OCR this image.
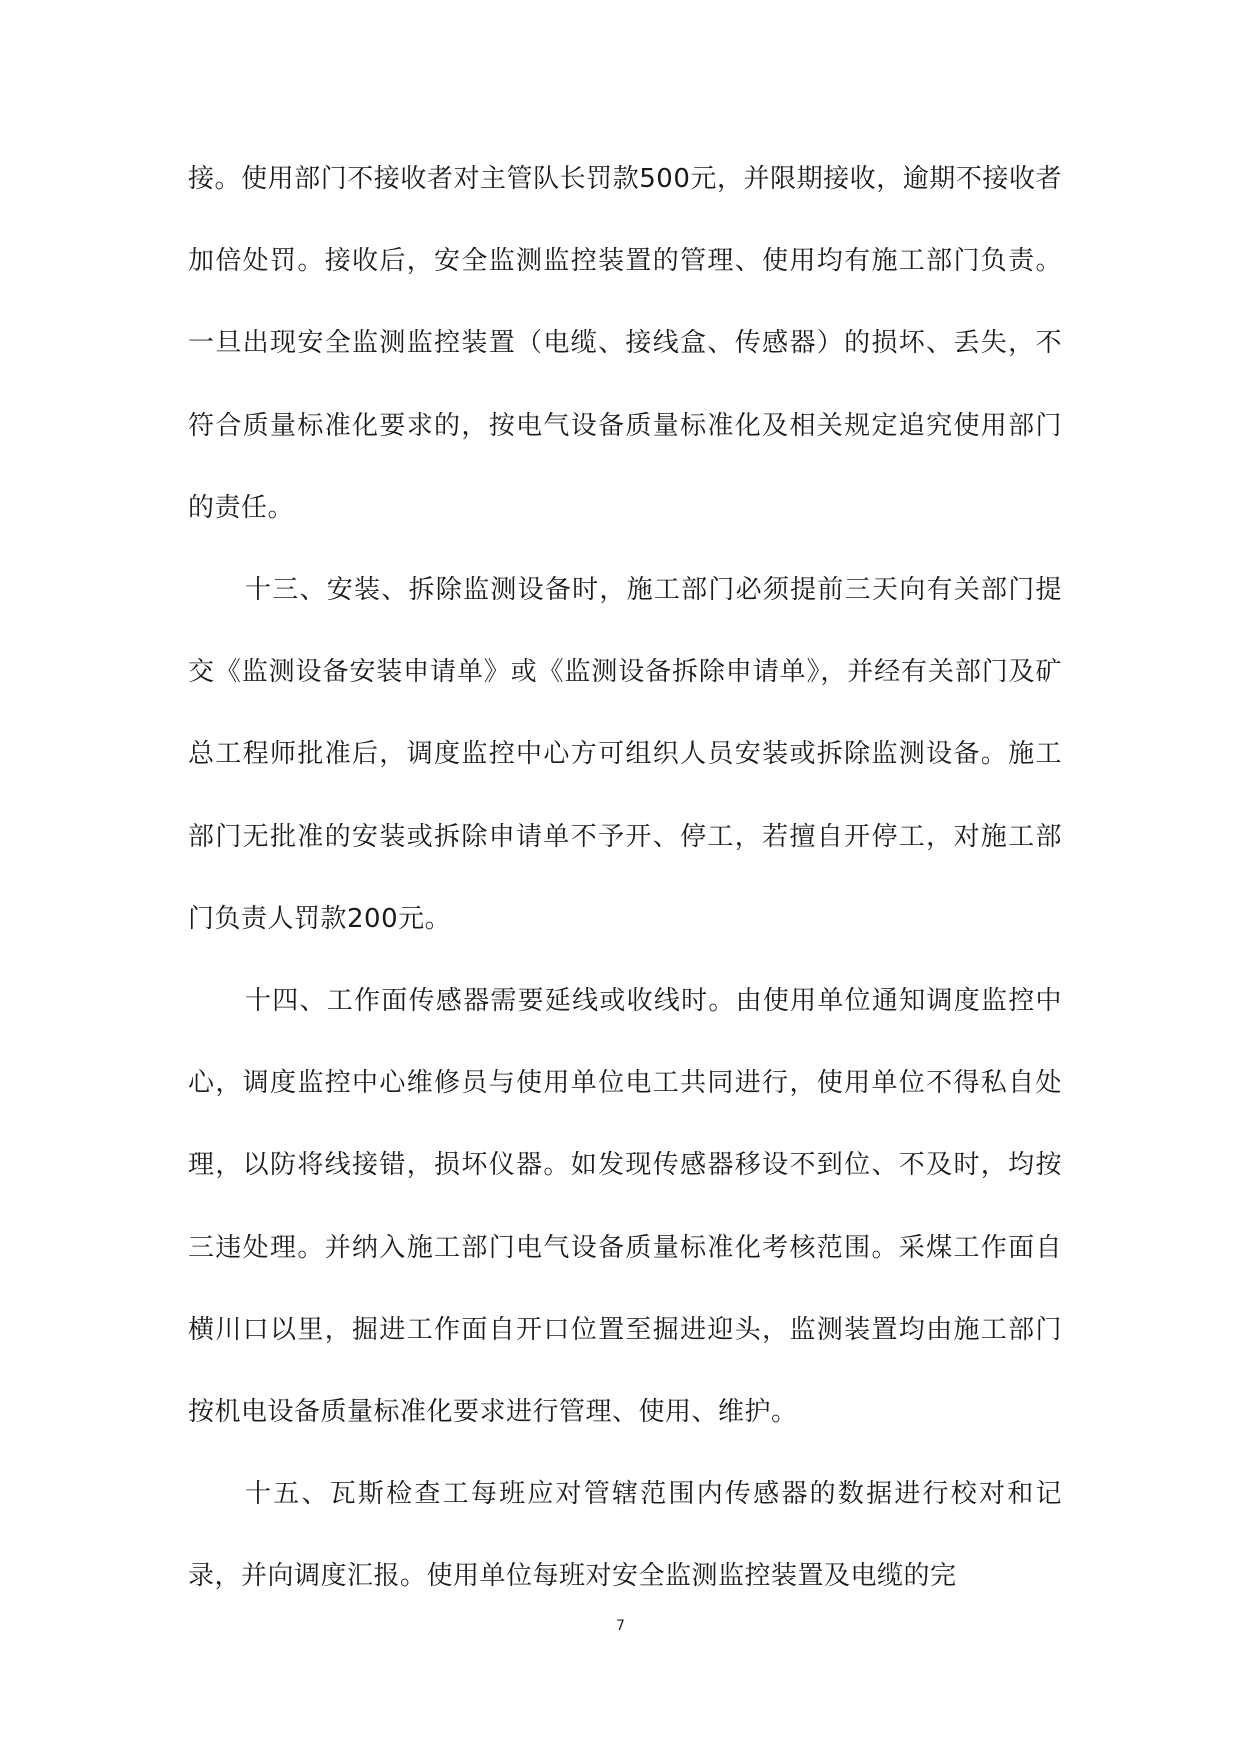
接。使用部门不接收者对主管队长罚款500元，并限期接收，逾期不接收者加倍处罚。接收后，安全监测监控装置的管理、使用均有施工部门负责。一旦出现安全监测监控装置（电缆、接线盒、传感器）的损坏、丢失，不符合质量标准化要求的，按电气设备质量标准化及相关规定追究使用部门的责任。

十三、安装、拆除监测设备时，施工部门必须提前三天向有关部门提交《监测设备安装申请单》或《监测设备拆除申请单》，并经有关部门及矿总工程师批准后，调度监控中心方可组织人员安装或拆除监测设备。施工部门无批准的安装或拆除申请单不予开、停工，若擅自开停工，对施工部门负责人罚款200元。

十四、工作面传感器需要延线或收线时。由使用单位通知调度监控中心，调度监控中心维修员与使用单位电工共同进行，使用单位不得私自处理，以防将线接错，损坏仪器。如发现传感器移设不到位、不及时，均按三违处理。并纳入施工部门电气设备质量标准化考核范围。采煤工作面自横川口以里，掘进工作面自开口位置至掘进迎头，监测装置均由施工部门按机电设备质量标准化要求进行管理、使用、维护。

十五、瓦斯检查工每班应对管辖范围内传感器的数据进行校对和记录，并向调度汇报。使用单位每班对安全监测监控装置及电缆的完

7
